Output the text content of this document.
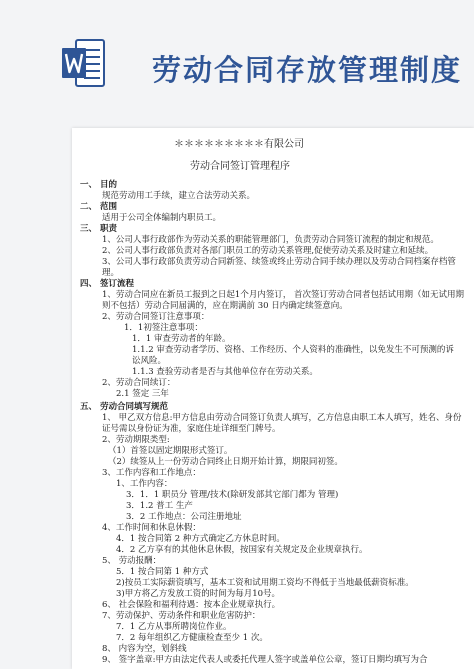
劳动合同存放管理制度
＊＊＊＊＊＊＊＊＊有限公司
劳动合同签订管理程序
一、 目的
规范劳动用工手续，建立合法劳动关系。
二、 范围
适用于公司全体编制内职员工。
三、 职责
1、公司人事行政部作为劳动关系的职能管理部门，负责劳动合同签订流程的制定和规范。
2、公司人事行政部负责对各部门职员工的劳动关系管理,促使劳动关系及时建立和延续。
3、公司人事行政部负责劳动合同新签、续签或终止劳动合同手续办理以及劳动合同档案存档管理。
四、 签订流程
1、劳动合同应在新员工报到之日起1个月内签订， 首次签订劳动合同者包括试用期（如无试用期则不包括）劳动合同届满的，应在期满前 30 日内确定续签意向。
2、劳动合同签订注意事项：
1．1初签注意事项：
1．1 审查劳动者的年龄。
1.1.2 审查劳动者学历、资格、工作经历、个人资料的准确性，以免发生不可预测的诉讼风险。
1.1.3 查验劳动者是否与其他单位存在劳动关系。
2、劳动合同续订：
2.1 签定 三年
五、 劳动合同填写规范
1、 甲乙双方信息:甲方信息由劳动合同签订负责人填写，乙方信息由职工本人填写，姓名、身份证号需以身份证为准，家庭住址详细至门牌号。
2、劳动期限类型:
（1）首签以固定期限形式签订。
（2）续签从上一份劳动合同终止日期开始计算，期限同初签。
3、工作内容和工作地点：
1、工作内容：
3．1．1 职员分 管理/技术(除研发部其它部门都为 管理)
3．1.2 普工 生产
3．2 工作地点：公司注册地址
4、工作时间和休息休假：
4．1 按合同第 2 种方式确定乙方休息时间。
4．2 乙方享有的其他休息休假，按国家有关规定及企业规章执行。
5、 劳动报酬：
5．1 按合同第 1 种方式
2)按员工实际薪资填写，基本工资和试用期工资均不得低于当地最低薪资标准。
3)甲方将乙方发放工资的时间为每月10号。
6、 社会保险和福利待遇：按本企业规章执行。
7、劳动保护、劳动条件和职业危害防护：
7．1 乙方从事所聘岗位作业。
7．2 每年组织乙方健康检查至少 1 次。
8、 内容为空，划斜线
9、 签字盖章:甲方由法定代表人或委托代理人签字或盖单位公章，签订日期均填写为合
